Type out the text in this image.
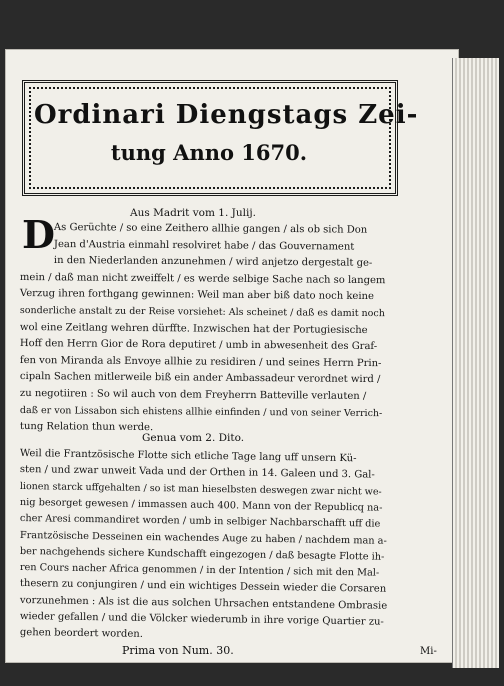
Ordinari Diengstags Zei-
tung Anno 1670.
Aus Madrit vom 1. Julij.
D
As Gerüchte / so eine Zeithero allhie gangen / als ob sich Don
Jean d'Austria einmahl resolviret habe / das Gouvernament
in den Niederlanden anzunehmen / wird anjetzo dergestalt ge-
mein / daß man nicht zweiffelt / es werde selbige Sache nach so langem
Verzug ihren forthgang gewinnen: Weil man aber biß dato noch keine
sonderliche anstalt zu der Reise vorsiehet: Als scheinet / daß es damit noch
wol eine Zeitlang wehren dürffte. Inzwischen hat der Portugiesische
Hoff den Herrn Gior de Rora deputiret / umb in abwesenheit des Graf-
fen von Miranda als Envoye allhie zu residiren / und seines Herrn Prin-
cipaln Sachen mitlerweile biß ein ander Ambassadeur verordnet wird /
zu negotiiren : So wil auch von dem Freyherrn Batteville verlauten /
daß er von Lissabon sich ehistens allhie einfinden / und von seiner Verrich-
tung Relation thun werde.
Genua vom 2. Dito.
Weil die Frantzösische Flotte sich etliche Tage lang uff unsern Kü-
sten / und zwar unweit Vada und der Orthen in 14. Galeen und 3. Gal-
lionen starck uffgehalten / so ist man hieselbsten deswegen zwar nicht we-
nig besorget gewesen / immassen auch 400. Mann von der Republicq na-
cher Aresi commandiret worden / umb in selbiger Nachbarschafft uff die
Frantzösische Desseinen ein wachendes Auge zu haben / nachdem man a-
ber nachgehends sichere Kundschafft eingezogen / daß besagte Flotte ih-
ren Cours nacher Africa genommen / in der Intention / sich mit den Mal-
thesern zu conjungiren / und ein wichtiges Dessein wieder die Corsaren
vorzunehmen : Als ist die aus solchen Uhrsachen entstandene Ombrasie
wieder gefallen / und die Völcker wiederumb in ihre vorige Quartier zu-
gehen beordert worden.
Prima von Num. 30.	Mi-
